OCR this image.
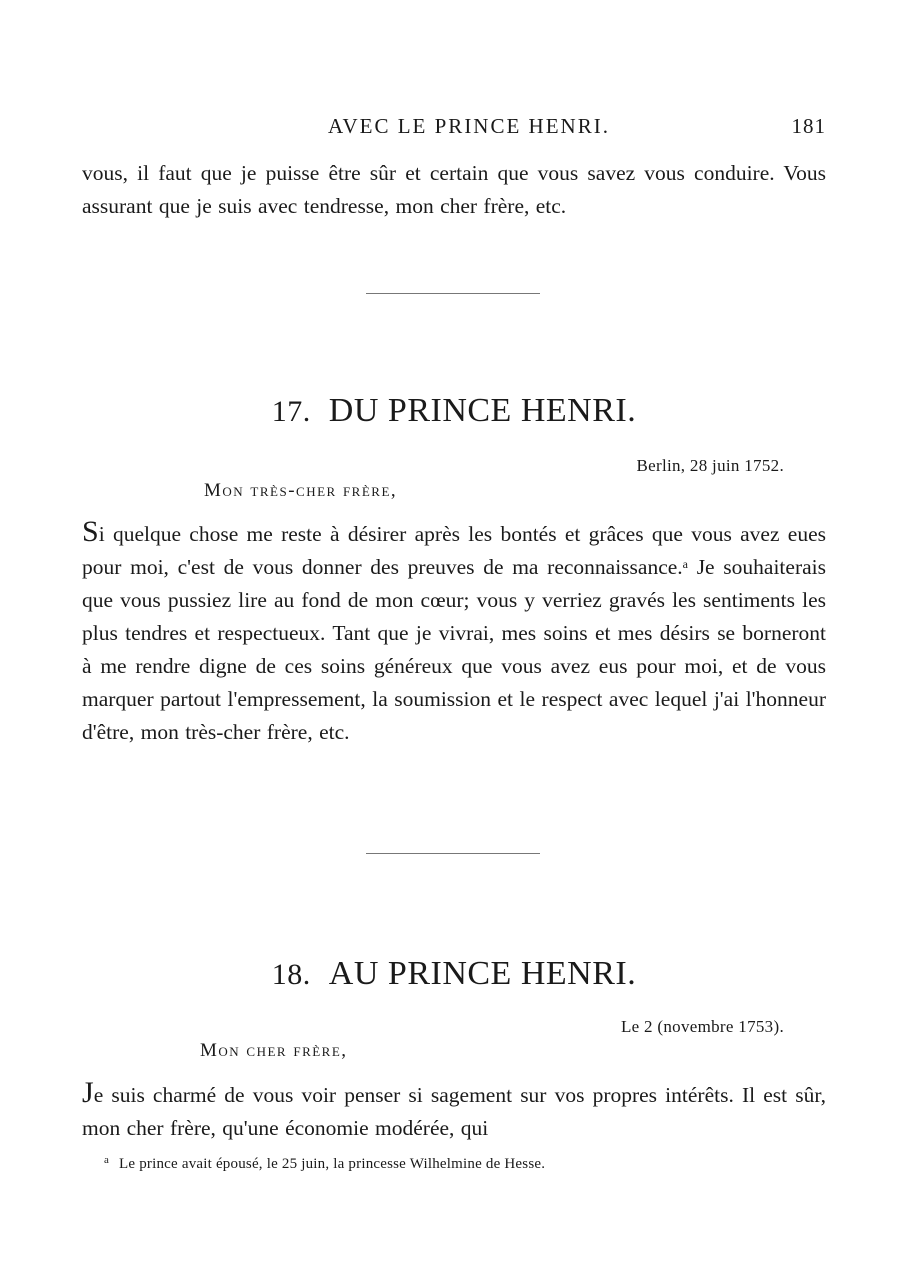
AVEC LE PRINCE HENRI.	181

vous, il faut que je puisse être sûr et certain que vous savez vous conduire. Vous assurant que je suis avec tendresse, mon cher frère, etc.

17. DU PRINCE HENRI.
Berlin, 28 juin 1752.
Mon très-cher frère,

Si quelque chose me reste à désirer après les bontés et grâces que vous avez eues pour moi, c'est de vous donner des preuves de ma reconnaissance.$^a$ Je souhaiterais que vous pussiez lire au fond de mon cœur; vous y verriez gravés les sentiments les plus tendres et respectueux. Tant que je vivrai, mes soins et mes désirs se borneront à me rendre digne de ces soins généreux que vous avez eus pour moi, et de vous marquer partout l'empressement, la soumission et le respect avec lequel j'ai l'honneur d'être, mon très-cher frère, etc.

18. AU PRINCE HENRI.
Le 2 (novembre 1753).
Mon cher frère,

Je suis charmé de vous voir penser si sagement sur vos propres intérêts. Il est sûr, mon cher frère, qu'une économie modérée, qui

$^a$ Le prince avait épousé, le 25 juin, la princesse Wilhelmine de Hesse.
